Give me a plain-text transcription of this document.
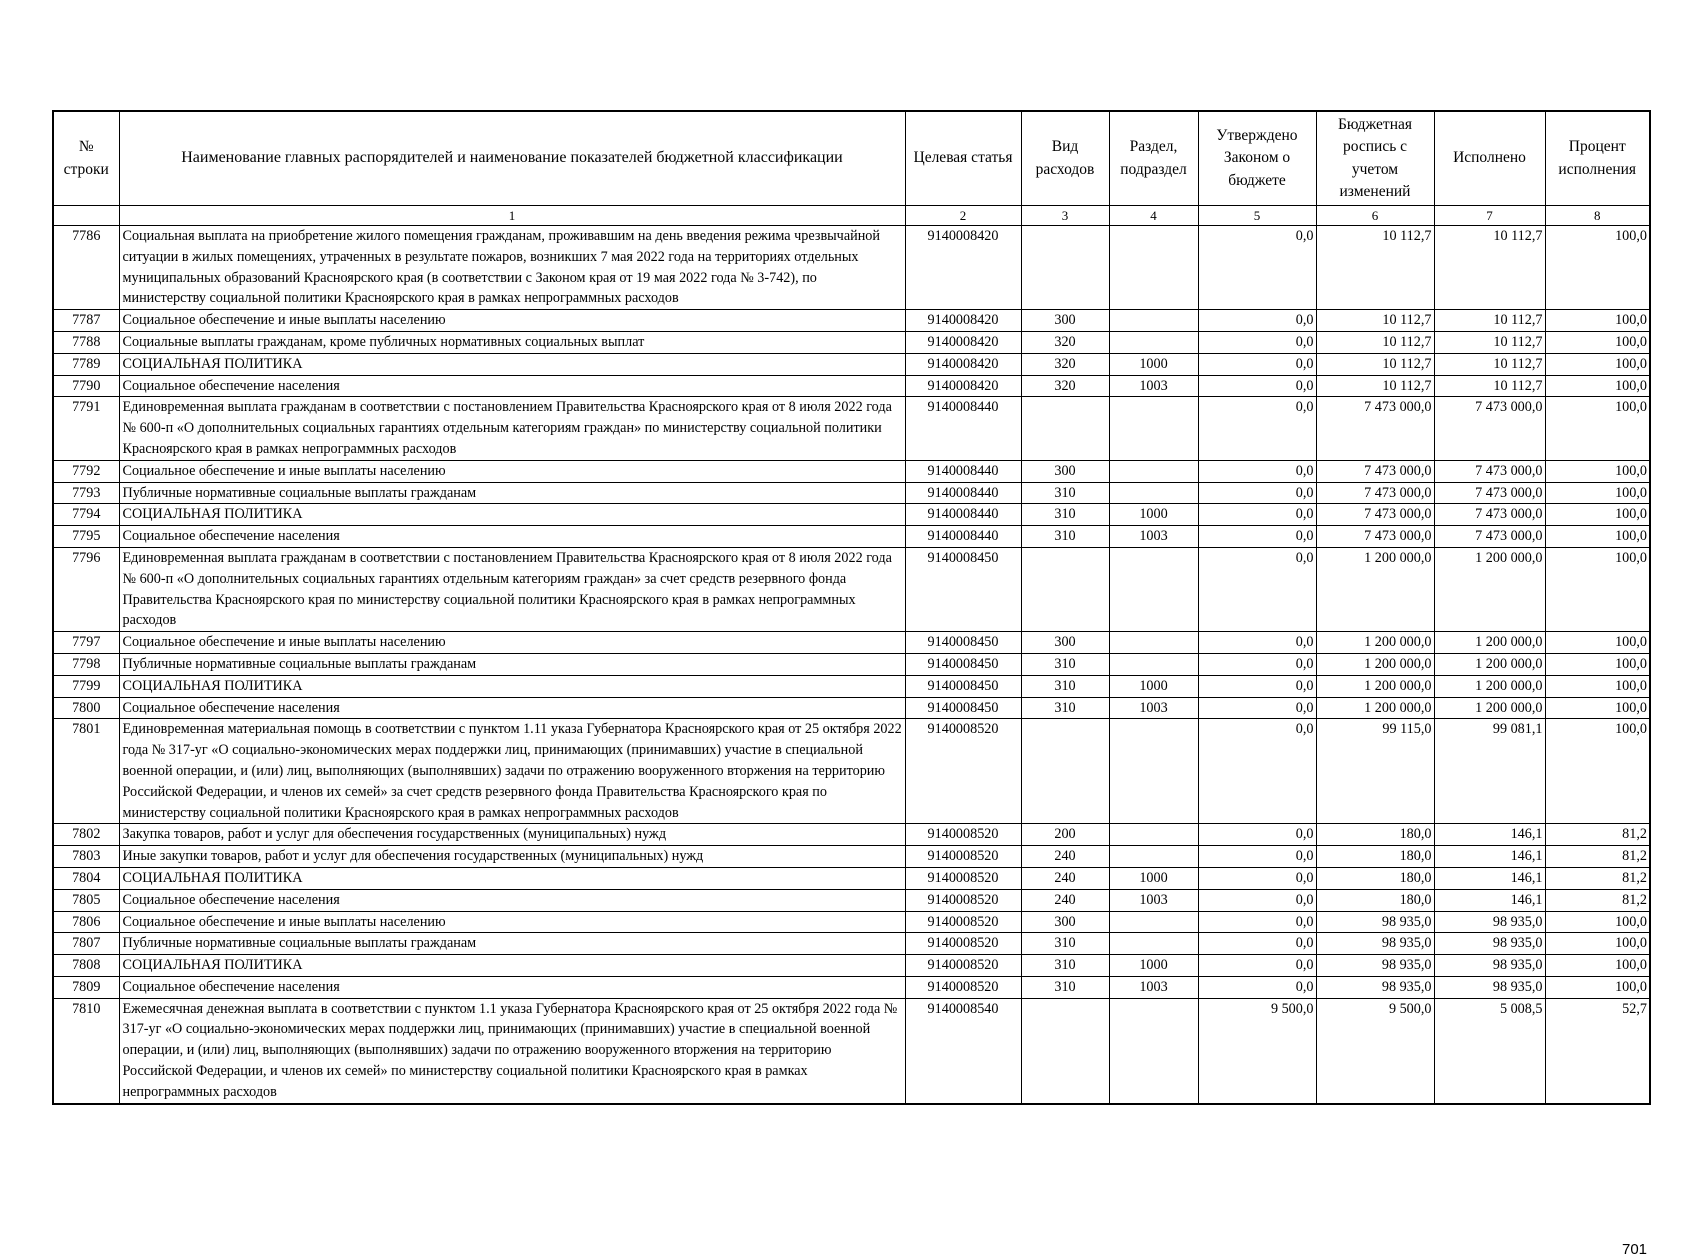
№ строки	Наименование главных распорядителей и наименование показателей бюджетной классификации	Целевая статья	Вид расходов	Раздел, подраздел	Утверждено Законом о бюджете	Бюджетная роспись с учетом изменений	Исполнено	Процент исполнения
	1	2	3	4	5	6	7	8
7786	Социальная выплата на приобретение жилого помещения гражданам, проживавшим на день введения режима чрезвычайной ситуации в жилых помещениях, утраченных в результате пожаров, возникших 7 мая 2022 года на территориях отдельных муниципальных образований Красноярского края (в соответствии с Законом края от 19 мая 2022 года № 3-742), по министерству социальной политики Красноярского края в рамках непрограммных расходов	9140008420			0,0	10 112,7	10 112,7	100,0
7787	Социальное обеспечение и иные выплаты населению	9140008420	300		0,0	10 112,7	10 112,7	100,0
7788	Социальные выплаты гражданам, кроме публичных нормативных социальных выплат	9140008420	320		0,0	10 112,7	10 112,7	100,0
7789	СОЦИАЛЬНАЯ ПОЛИТИКА	9140008420	320	1000	0,0	10 112,7	10 112,7	100,0
7790	Социальное обеспечение населения	9140008420	320	1003	0,0	10 112,7	10 112,7	100,0
7791	Единовременная выплата гражданам в соответствии с постановлением Правительства Красноярского края от 8 июля 2022 года № 600-п «О дополнительных социальных гарантиях отдельным категориям граждан» по министерству социальной политики Красноярского края в рамках непрограммных расходов	9140008440			0,0	7 473 000,0	7 473 000,0	100,0
7792	Социальное обеспечение и иные выплаты населению	9140008440	300		0,0	7 473 000,0	7 473 000,0	100,0
7793	Публичные нормативные социальные выплаты гражданам	9140008440	310		0,0	7 473 000,0	7 473 000,0	100,0
7794	СОЦИАЛЬНАЯ ПОЛИТИКА	9140008440	310	1000	0,0	7 473 000,0	7 473 000,0	100,0
7795	Социальное обеспечение населения	9140008440	310	1003	0,0	7 473 000,0	7 473 000,0	100,0
7796	Единовременная выплата гражданам в соответствии с постановлением Правительства Красноярского края от 8 июля 2022 года № 600-п «О дополнительных социальных гарантиях отдельным категориям граждан» за счет средств резервного фонда Правительства Красноярского края по министерству социальной политики Красноярского края в рамках непрограммных расходов	9140008450			0,0	1 200 000,0	1 200 000,0	100,0
7797	Социальное обеспечение и иные выплаты населению	9140008450	300		0,0	1 200 000,0	1 200 000,0	100,0
7798	Публичные нормативные социальные выплаты гражданам	9140008450	310		0,0	1 200 000,0	1 200 000,0	100,0
7799	СОЦИАЛЬНАЯ ПОЛИТИКА	9140008450	310	1000	0,0	1 200 000,0	1 200 000,0	100,0
7800	Социальное обеспечение населения	9140008450	310	1003	0,0	1 200 000,0	1 200 000,0	100,0
7801	Единовременная материальная помощь в соответствии с пунктом 1.11 указа Губернатора Красноярского края от 25 октября 2022 года № 317-уг «О социально-экономических мерах поддержки лиц, принимающих (принимавших) участие в специальной военной операции, и (или) лиц, выполняющих (выполнявших) задачи по отражению вооруженного вторжения на территорию Российской Федерации, и членов их семей» за счет средств резервного фонда Правительства Красноярского края по министерству социальной политики Красноярского края в рамках непрограммных расходов	9140008520			0,0	99 115,0	99 081,1	100,0
7802	Закупка товаров, работ и услуг для обеспечения государственных (муниципальных) нужд	9140008520	200		0,0	180,0	146,1	81,2
7803	Иные закупки товаров, работ и услуг для обеспечения государственных (муниципальных) нужд	9140008520	240		0,0	180,0	146,1	81,2
7804	СОЦИАЛЬНАЯ ПОЛИТИКА	9140008520	240	1000	0,0	180,0	146,1	81,2
7805	Социальное обеспечение населения	9140008520	240	1003	0,0	180,0	146,1	81,2
7806	Социальное обеспечение и иные выплаты населению	9140008520	300		0,0	98 935,0	98 935,0	100,0
7807	Публичные нормативные социальные выплаты гражданам	9140008520	310		0,0	98 935,0	98 935,0	100,0
7808	СОЦИАЛЬНАЯ ПОЛИТИКА	9140008520	310	1000	0,0	98 935,0	98 935,0	100,0
7809	Социальное обеспечение населения	9140008520	310	1003	0,0	98 935,0	98 935,0	100,0
7810	Ежемесячная денежная выплата в соответствии с пунктом 1.1 указа Губернатора Красноярского края от 25 октября 2022 года № 317-уг «О социально-экономических мерах поддержки лиц, принимающих (принимавших) участие в специальной военной операции, и (или) лиц, выполняющих (выполнявших) задачи по отражению вооруженного вторжения на территорию Российской Федерации, и членов их семей» по министерству социальной политики Красноярского края в рамках непрограммных расходов	9140008540			9 500,0	9 500,0	5 008,5	52,7
701
